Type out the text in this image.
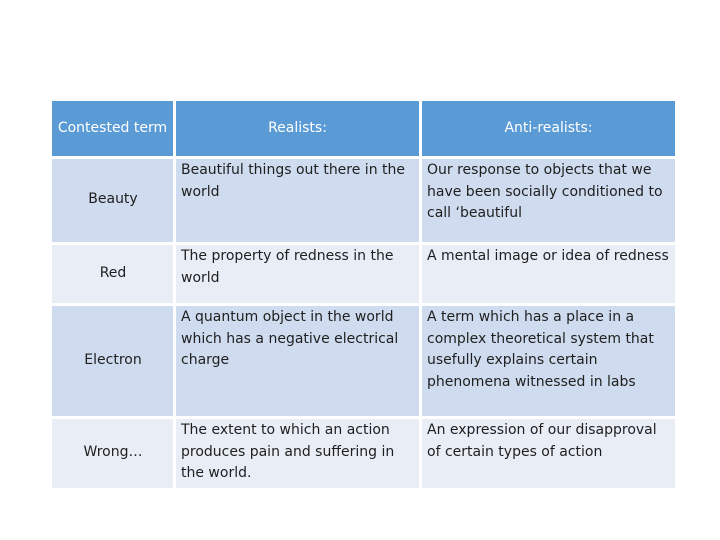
Contested term	Realists:	Anti-realists:
Beauty	Beautiful things out there in the world	Our response to objects that we have been socially conditioned to call ‘beautiful
Red	The property of redness in the world	A mental image or idea of redness
Electron	A quantum object in the world which has a negative electrical charge	A term which has a place in a complex theoretical system that usefully explains certain phenomena witnessed in labs
Wrong…	The extent to which an action produces pain and suffering in the world.	An expression of our disapproval of certain types of action
